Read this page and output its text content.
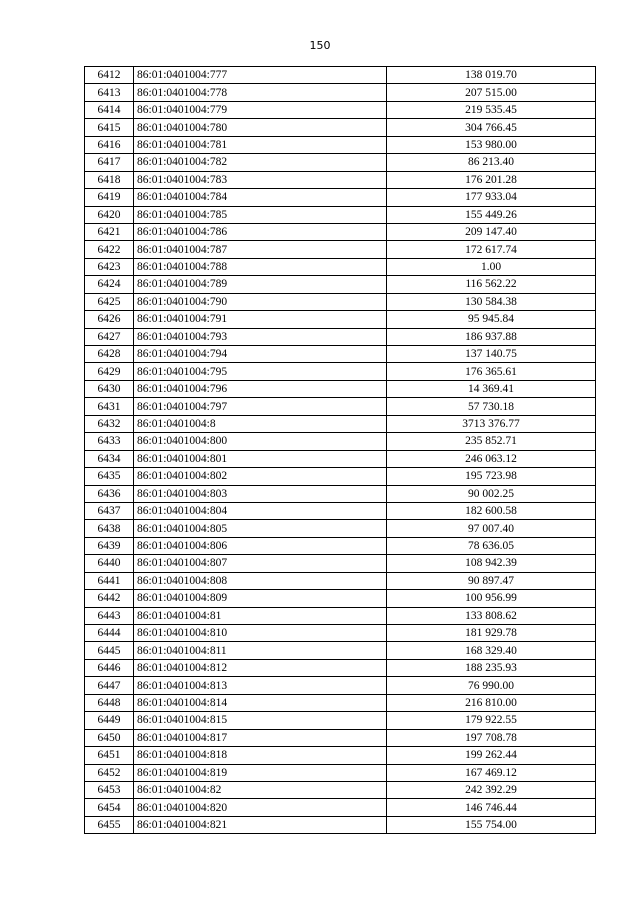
150
6412	86:01:0401004:777	138 019.70
6413	86:01:0401004:778	207 515.00
6414	86:01:0401004:779	219 535.45
6415	86:01:0401004:780	304 766.45
6416	86:01:0401004:781	153 980.00
6417	86:01:0401004:782	86 213.40
6418	86:01:0401004:783	176 201.28
6419	86:01:0401004:784	177 933.04
6420	86:01:0401004:785	155 449.26
6421	86:01:0401004:786	209 147.40
6422	86:01:0401004:787	172 617.74
6423	86:01:0401004:788	1.00
6424	86:01:0401004:789	116 562.22
6425	86:01:0401004:790	130 584.38
6426	86:01:0401004:791	95 945.84
6427	86:01:0401004:793	186 937.88
6428	86:01:0401004:794	137 140.75
6429	86:01:0401004:795	176 365.61
6430	86:01:0401004:796	14 369.41
6431	86:01:0401004:797	57 730.18
6432	86:01:0401004:8	3713 376.77
6433	86:01:0401004:800	235 852.71
6434	86:01:0401004:801	246 063.12
6435	86:01:0401004:802	195 723.98
6436	86:01:0401004:803	90 002.25
6437	86:01:0401004:804	182 600.58
6438	86:01:0401004:805	97 007.40
6439	86:01:0401004:806	78 636.05
6440	86:01:0401004:807	108 942.39
6441	86:01:0401004:808	90 897.47
6442	86:01:0401004:809	100 956.99
6443	86:01:0401004:81	133 808.62
6444	86:01:0401004:810	181 929.78
6445	86:01:0401004:811	168 329.40
6446	86:01:0401004:812	188 235.93
6447	86:01:0401004:813	76 990.00
6448	86:01:0401004:814	216 810.00
6449	86:01:0401004:815	179 922.55
6450	86:01:0401004:817	197 708.78
6451	86:01:0401004:818	199 262.44
6452	86:01:0401004:819	167 469.12
6453	86:01:0401004:82	242 392.29
6454	86:01:0401004:820	146 746.44
6455	86:01:0401004:821	155 754.00
